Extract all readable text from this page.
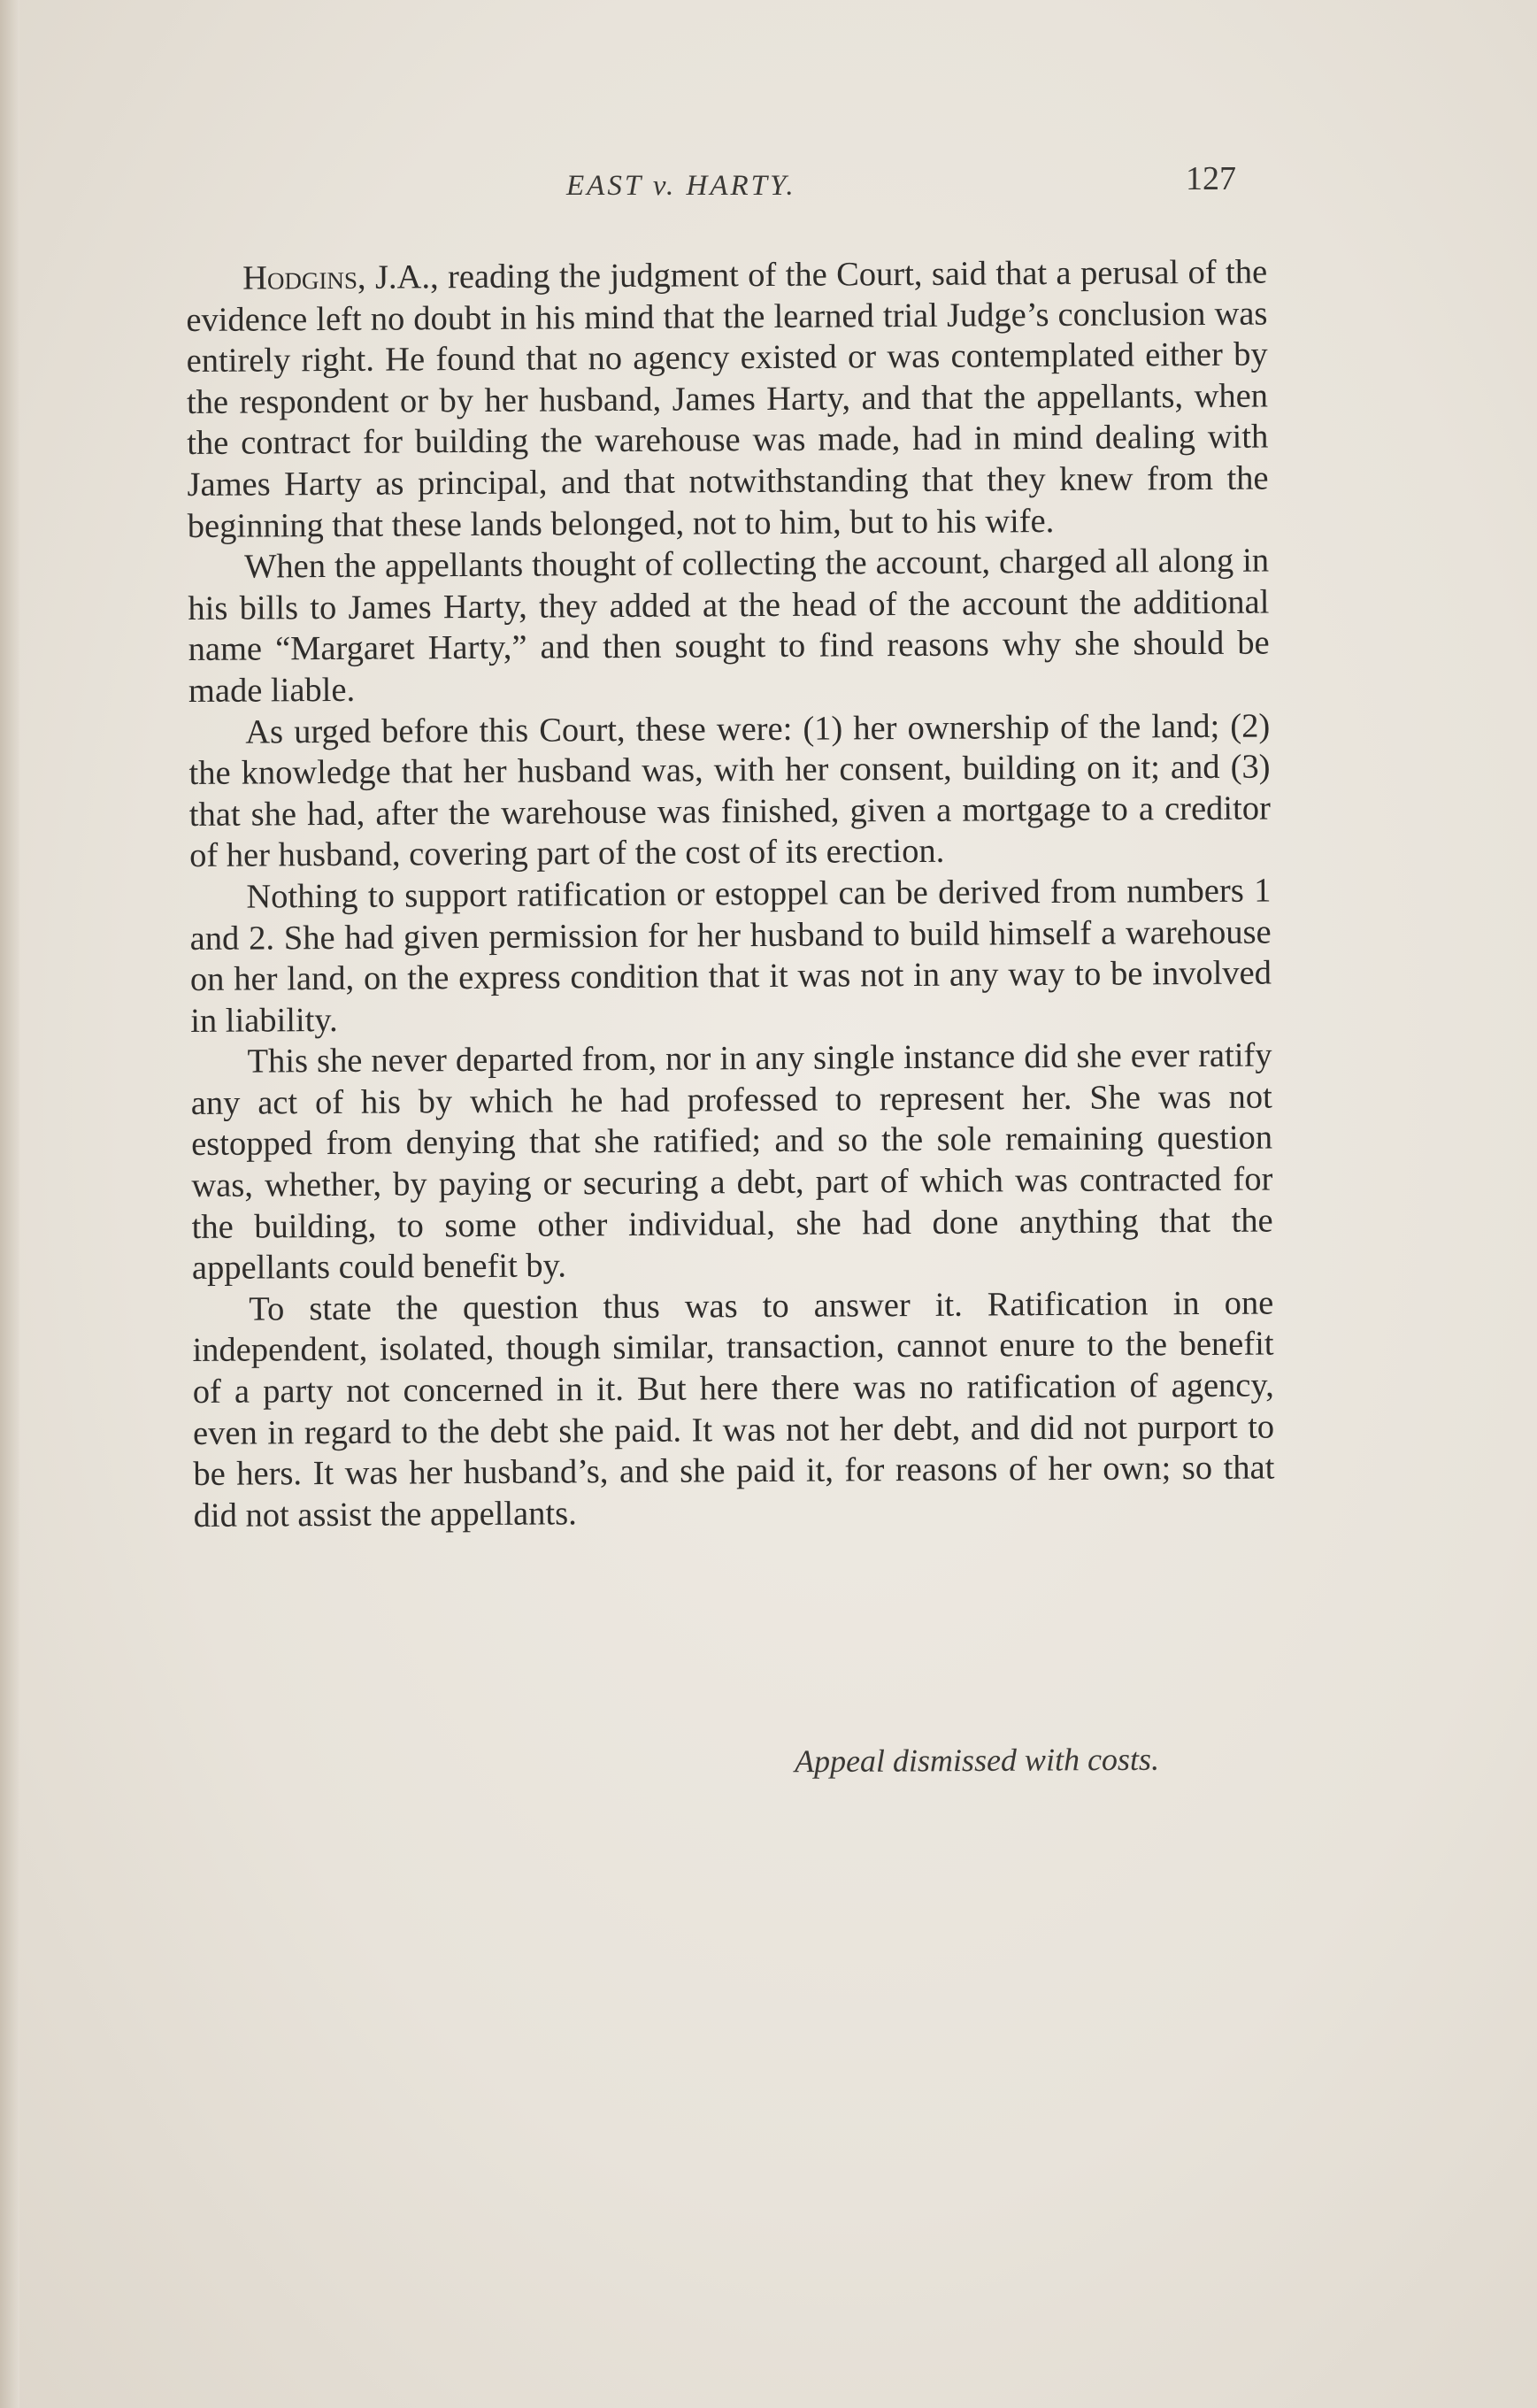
EAST v. HARTY.	127

Hodgins, J.A., reading the judgment of the Court, said that a perusal of the evidence left no doubt in his mind that the learned trial Judge’s conclusion was entirely right. He found that no agency existed or was contemplated either by the respondent or by her husband, James Harty, and that the appellants, when the contract for building the warehouse was made, had in mind dealing with James Harty as principal, and that notwithstanding that they knew from the beginning that these lands belonged, not to him, but to his wife.

When the appellants thought of collecting the account, charged all along in his bills to James Harty, they added at the head of the account the additional name “Margaret Harty,” and then sought to find reasons why she should be made liable.

As urged before this Court, these were: (1) her ownership of the land; (2) the knowledge that her husband was, with her consent, building on it; and (3) that she had, after the warehouse was finished, given a mortgage to a creditor of her husband, covering part of the cost of its erection.

Nothing to support ratification or estoppel can be derived from numbers 1 and 2. She had given permission for her husband to build himself a warehouse on her land, on the express condition that it was not in any way to be involved in liability.

This she never departed from, nor in any single instance did she ever ratify any act of his by which he had professed to represent her. She was not estopped from denying that she ratified; and so the sole remaining question was, whether, by paying or securing a debt, part of which was contracted for the building, to some other individual, she had done anything that the appellants could benefit by.

To state the question thus was to answer it. Ratification in one independent, isolated, though similar, transaction, cannot enure to the benefit of a party not concerned in it. But here there was no ratification of agency, even in regard to the debt she paid. It was not her debt, and did not purport to be hers. It was her husband’s, and she paid it, for reasons of her own; so that did not assist the appellants.

Appeal dismissed with costs.
